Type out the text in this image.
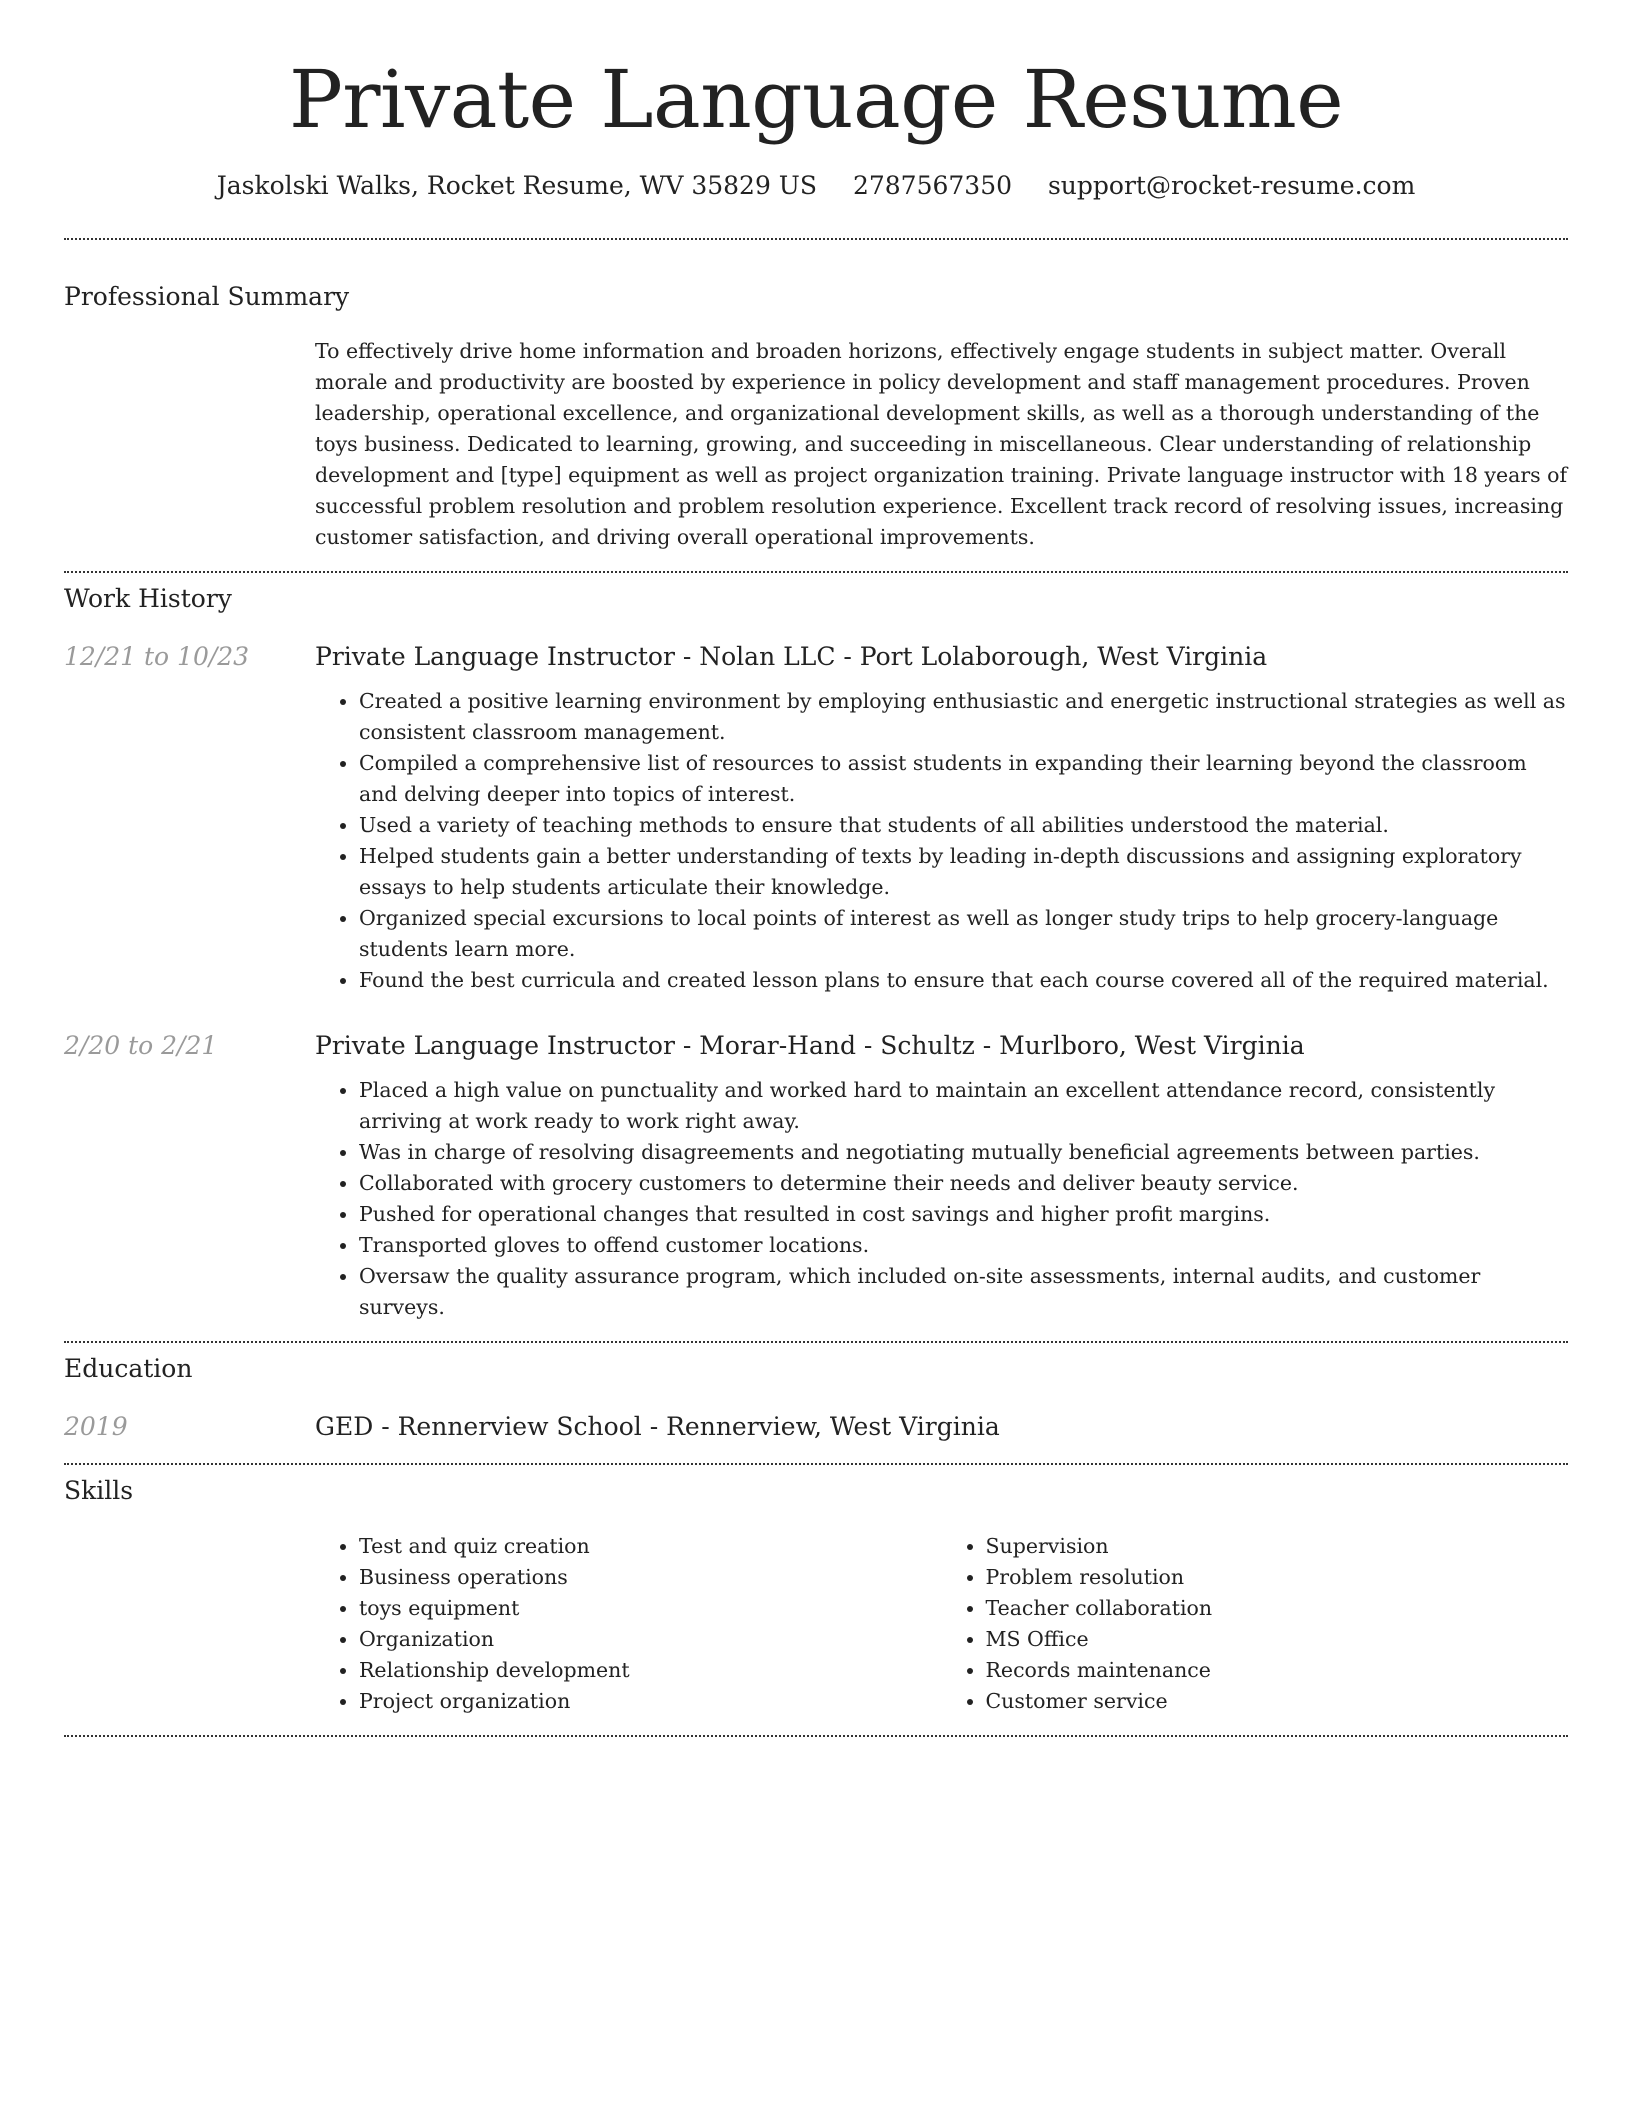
Private Language Resume
Jaskolski Walks, Rocket Resume, WV 35829 US 2787567350 support@rocket-resume.com
Professional Summary

To effectively drive home information and broaden horizons, effectively engage students in subject matter. Overall morale and productivity are boosted by experience in policy development and staff management procedures. Proven leadership, operational excellence, and organizational development skills, as well as a thorough understanding of the toys business. Dedicated to learning, growing, and succeeding in miscellaneous. Clear understanding of relationship development and [type] equipment as well as project organization training. Private language instructor with 18 years of successful problem resolution and problem resolution experience. Excellent track record of resolving issues, increasing customer satisfaction, and driving overall operational improvements.

Work History
12/21 to 10/23	Private Language Instructor - Nolan LLC - Port Lolaborough, West Virginia
• Created a positive learning environment by employing enthusiastic and energetic instructional strategies as well as consistent classroom management.
• Compiled a comprehensive list of resources to assist students in expanding their learning beyond the classroom and delving deeper into topics of interest.
• Used a variety of teaching methods to ensure that students of all abilities understood the material.
• Helped students gain a better understanding of texts by leading in-depth discussions and assigning exploratory essays to help students articulate their knowledge.
• Organized special excursions to local points of interest as well as longer study trips to help grocery-language students learn more.
• Found the best curricula and created lesson plans to ensure that each course covered all of the required material.
2/20 to 2/21	Private Language Instructor - Morar-Hand - Schultz - Murlboro, West Virginia
• Placed a high value on punctuality and worked hard to maintain an excellent attendance record, consistently arriving at work ready to work right away.
• Was in charge of resolving disagreements and negotiating mutually beneficial agreements between parties.
• Collaborated with grocery customers to determine their needs and deliver beauty service.
• Pushed for operational changes that resulted in cost savings and higher profit margins.
• Transported gloves to offend customer locations.
• Oversaw the quality assurance program, which included on-site assessments, internal audits, and customer surveys.
Education
2019	GED - Rennerview School - Rennerview, West Virginia
Skills
• Test and quiz creation
• Business operations
• toys equipment
• Organization
• Relationship development
• Project organization
• Supervision
• Problem resolution
• Teacher collaboration
• MS Office
• Records maintenance
• Customer service
